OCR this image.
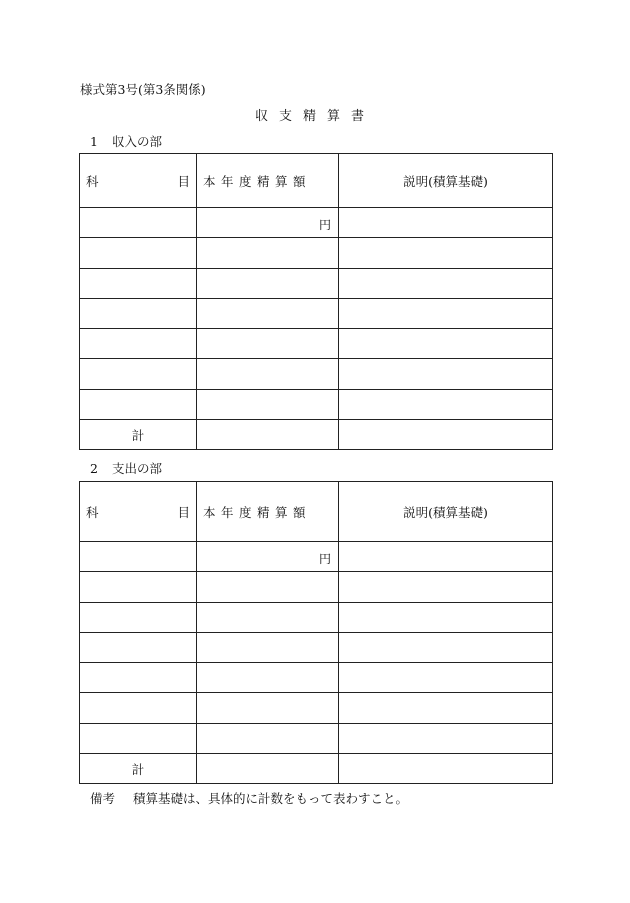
様式第3号(第3条関係)
収支精算書
1 収入の部
科 目	本年度精算額	説明(積算基礎)

	円	

計		
2 支出の部
科 目	本年度精算額	説明(積算基礎)

	円	

計		
備考 積算基礎は、具体的に計数をもって表わすこと。
